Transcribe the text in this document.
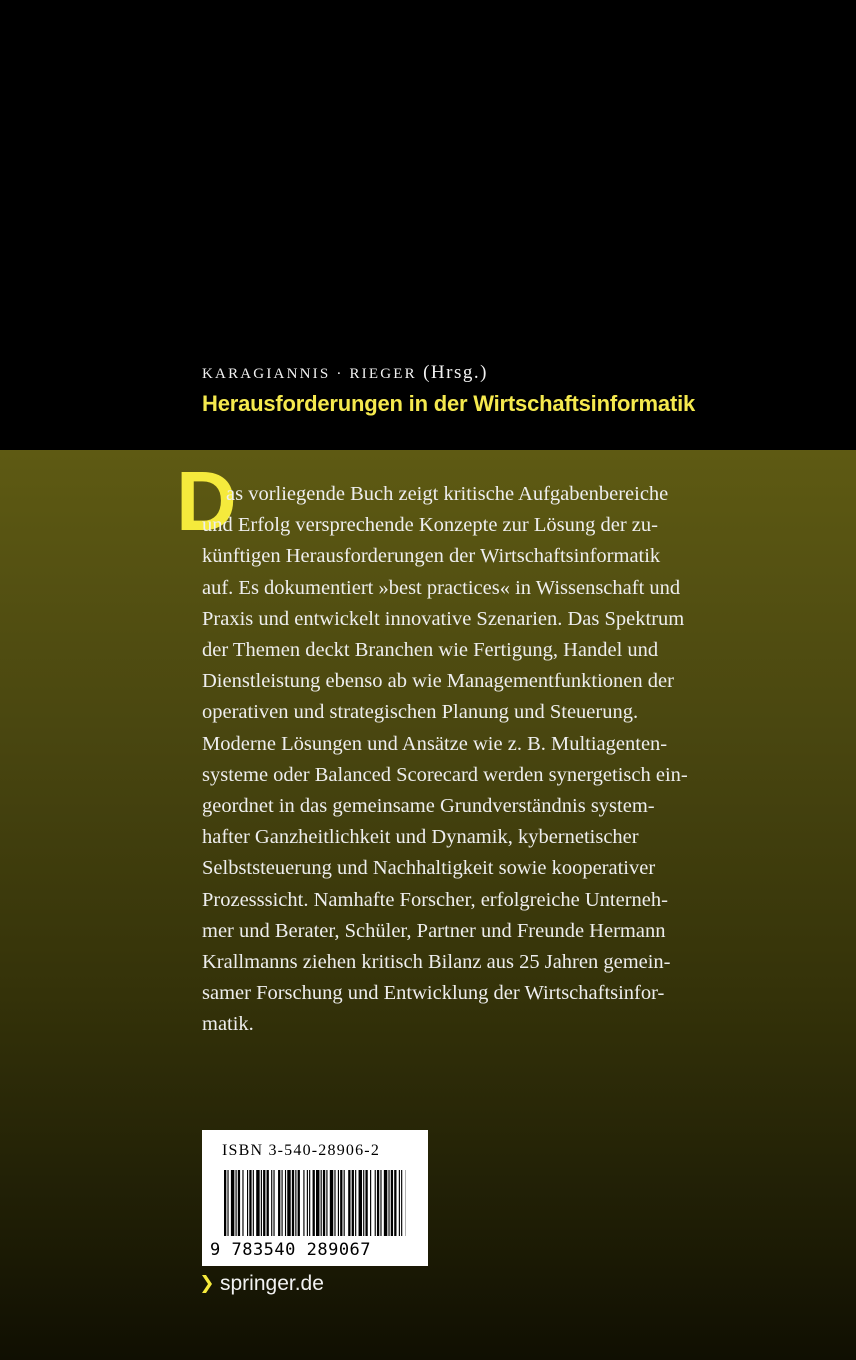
KARAGIANNIS · RIEGER (Hrsg.)
Herausforderungen in der Wirtschaftsinformatik
D
as vorliegende Buch zeigt kritische Aufgabenbereiche
und Erfolg versprechende Konzepte zur Lösung der zu-
künftigen Herausforderungen der Wirtschaftsinformatik
auf. Es dokumentiert »best practices« in Wissenschaft und
Praxis und entwickelt innovative Szenarien. Das Spektrum
der Themen deckt Branchen wie Fertigung, Handel und
Dienstleistung ebenso ab wie Managementfunktionen der
operativen und strategischen Planung und Steuerung.
Moderne Lösungen und Ansätze wie z. B. Multiagenten-
systeme oder Balanced Scorecard werden synergetisch ein-
geordnet in das gemeinsame Grundverständnis system-
hafter Ganzheitlichkeit und Dynamik, kybernetischer
Selbststeuerung und Nachhaltigkeit sowie kooperativer
Prozesssicht. Namhafte Forscher, erfolgreiche Unterneh-
mer und Berater, Schüler, Partner und Freunde Hermann
Krallmanns ziehen kritisch Bilanz aus 25 Jahren gemein-
samer Forschung und Entwicklung der Wirtschaftsinfor-
matik.
ISBN 3-540-28906-2
9 783540 289067
springer.de
